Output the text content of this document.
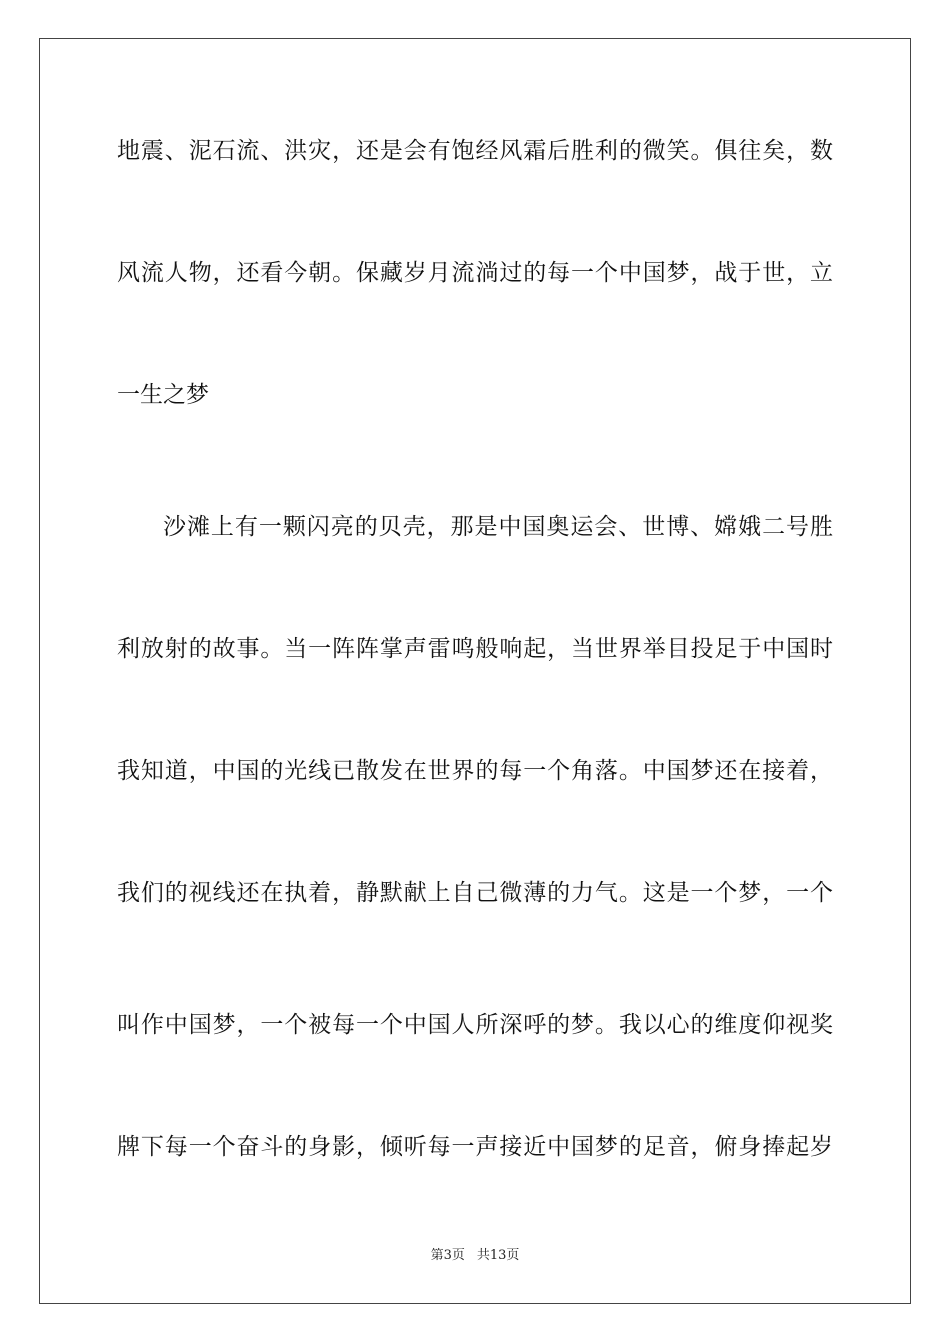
地震、泥石流、洪灾，还是会有饱经风霜后胜利的微笑。俱往矣，数
风流人物，还看今朝。保藏岁月流淌过的每一个中国梦，战于世，立
一生之梦
沙滩上有一颗闪亮的贝壳，那是中国奥运会、世博、嫦娥二号胜
利放射的故事。当一阵阵掌声雷鸣般响起，当世界举目投足于中国时
我知道，中国的光线已散发在世界的每一个角落。中国梦还在接着，
我们的视线还在执着，静默献上自己微薄的力气。这是一个梦，一个
叫作中国梦，一个被每一个中国人所深呼的梦。我以心的维度仰视奖
牌下每一个奋斗的身影，倾听每一声接近中国梦的足音，俯身捧起岁
第3页 共13页
